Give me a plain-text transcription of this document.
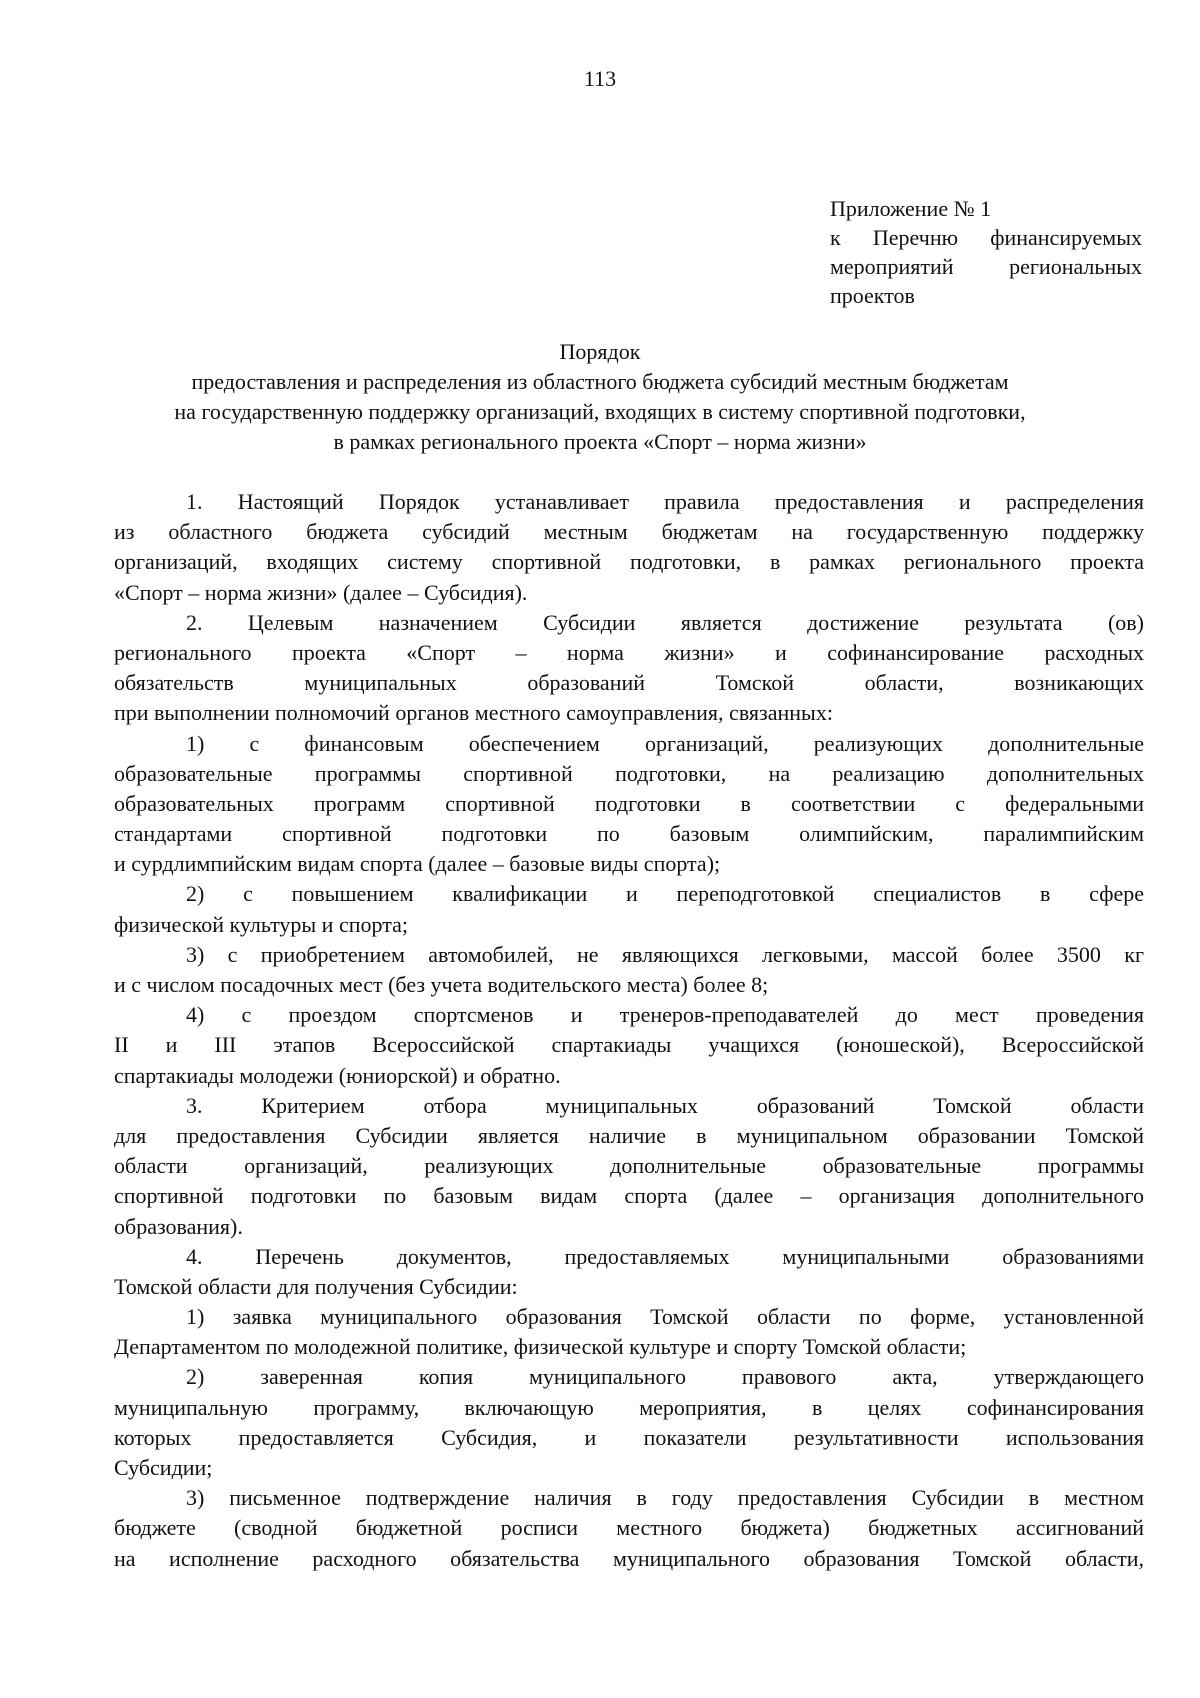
113
Приложение № 1
к Перечню финансируемых
мероприятий региональных
проектов
Порядок
предоставления и распределения из областного бюджета субсидий местным бюджетам
на государственную поддержку организаций, входящих в систему спортивной подготовки,
в рамках регионального проекта «Спорт – норма жизни»
1. Настоящий Порядок устанавливает правила предоставления и распределения
из областного бюджета субсидий местным бюджетам на государственную поддержку
организаций, входящих систему спортивной подготовки, в рамках регионального проекта
«Спорт – норма жизни» (далее – Субсидия).
2. Целевым назначением Субсидии является достижение результата (ов)
регионального проекта «Спорт – норма жизни» и софинансирование расходных
обязательств муниципальных образований Томской области, возникающих
при выполнении полномочий органов местного самоуправления, связанных:
1) с финансовым обеспечением организаций, реализующих дополнительные
образовательные программы спортивной подготовки, на реализацию дополнительных
образовательных программ спортивной подготовки в соответствии с федеральными
стандартами спортивной подготовки по базовым олимпийским, паралимпийским
и сурдлимпийским видам спорта (далее – базовые виды спорта);
2) с повышением квалификации и переподготовкой специалистов в сфере
физической культуры и спорта;
3) с приобретением автомобилей, не являющихся легковыми, массой более 3500 кг
и с числом посадочных мест (без учета водительского места) более 8;
4) с проездом спортсменов и тренеров-преподавателей до мест проведения
II и III этапов Всероссийской спартакиады учащихся (юношеской), Всероссийской
спартакиады молодежи (юниорской) и обратно.
3. Критерием отбора муниципальных образований Томской области
для предоставления Субсидии является наличие в муниципальном образовании Томской
области организаций, реализующих дополнительные образовательные программы
спортивной подготовки по базовым видам спорта (далее – организация дополнительного
образования).
4. Перечень документов, предоставляемых муниципальными образованиями
Томской области для получения Субсидии:
1) заявка муниципального образования Томской области по форме, установленной
Департаментом по молодежной политике, физической культуре и спорту Томской области;
2) заверенная копия муниципального правового акта, утверждающего
муниципальную программу, включающую мероприятия, в целях софинансирования
которых предоставляется Субсидия, и показатели результативности использования
Субсидии;
3) письменное подтверждение наличия в году предоставления Субсидии в местном
бюджете (сводной бюджетной росписи местного бюджета) бюджетных ассигнований
на исполнение расходного обязательства муниципального образования Томской области,
